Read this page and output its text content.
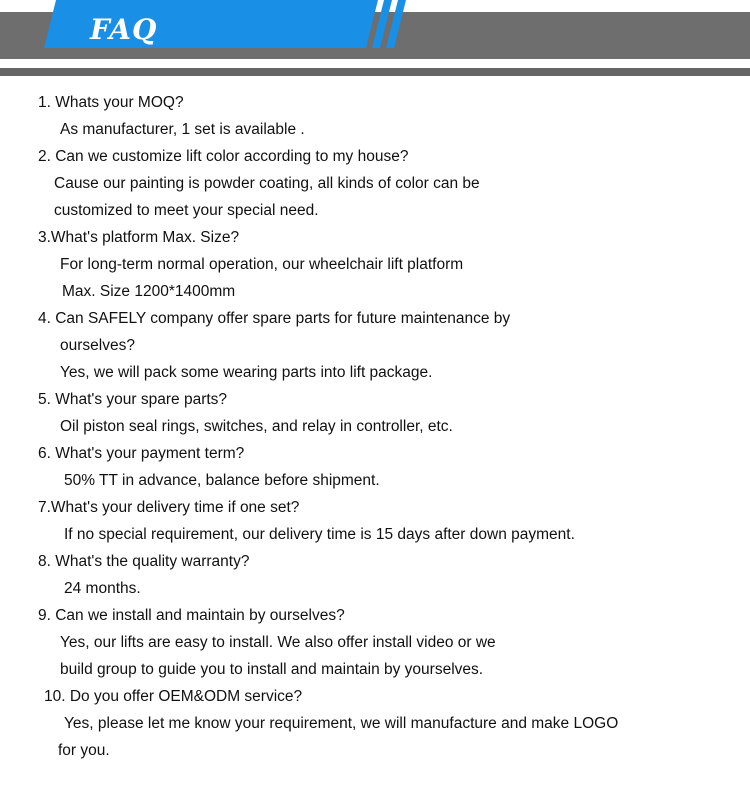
FAQ
1. Whats your MOQ?
As manufacturer, 1 set is available .
2. Can we customize lift color according to my house?
Cause our painting is powder coating, all kinds of color can be
customized to meet your special need.
3.What's platform Max. Size?
For long-term normal operation, our wheelchair lift platform
Max. Size 1200*1400mm
4. Can SAFELY company offer spare parts for future maintenance by
ourselves?
Yes, we will pack some wearing parts into lift package.
5. What's your spare parts?
Oil piston seal rings, switches, and relay in controller, etc.
6. What's your payment term?
50% TT in advance, balance before shipment.
7.What's your delivery time if one set?
If no special requirement, our delivery time is 15 days after down payment.
8. What's the quality warranty?
24 months.
9. Can we install and maintain by ourselves?
Yes, our lifts are easy to install. We also offer install video or we
build group to guide you to install and maintain by yourselves.
10. Do you offer OEM&ODM service?
Yes, please let me know your requirement, we will manufacture and make LOGO
for you.
